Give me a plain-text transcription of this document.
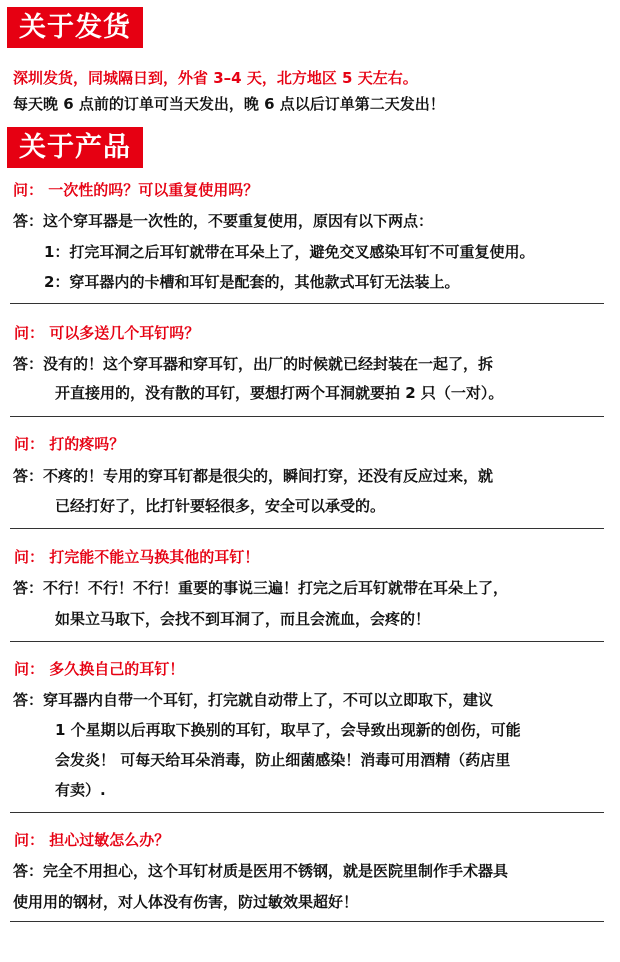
关于发货
深圳发货，同城隔日到，外省 3–4 天，北方地区 5 天左右。
每天晚 6 点前的订单可当天发出，晚 6 点以后订单第二天发出！
关于产品
问： 一次性的吗？可以重复使用吗？
答：这个穿耳器是一次性的，不要重复使用，原因有以下两点：
1：打完耳洞之后耳钉就带在耳朵上了，避免交叉感染耳钉不可重复使用。
2：穿耳器内的卡槽和耳钉是配套的，其他款式耳钉无法装上。
问： 可以多送几个耳钉吗？
答：没有的！这个穿耳器和穿耳钉，出厂的时候就已经封装在一起了，拆
开直接用的，没有散的耳钉，要想打两个耳洞就要拍 2 只（一对）。
问： 打的疼吗？
答：不疼的！专用的穿耳钉都是很尖的，瞬间打穿，还没有反应过来，就
已经打好了，比打针要轻很多，安全可以承受的。
问： 打完能不能立马换其他的耳钉！
答：不行！不行！不行！重要的事说三遍！打完之后耳钉就带在耳朵上了，
如果立马取下，会找不到耳洞了，而且会流血，会疼的！
问： 多久换自己的耳钉！
答：穿耳器内自带一个耳钉，打完就自动带上了，不可以立即取下，建议
1 个星期以后再取下换别的耳钉，取早了，会导致出现新的创伤，可能
会发炎！ 可每天给耳朵消毒，防止细菌感染！消毒可用酒精（药店里
有卖）.
问： 担心过敏怎么办？
答：完全不用担心，这个耳钉材质是医用不锈钢，就是医院里制作手术器具
使用用的钢材，对人体没有伤害，防过敏效果超好！
